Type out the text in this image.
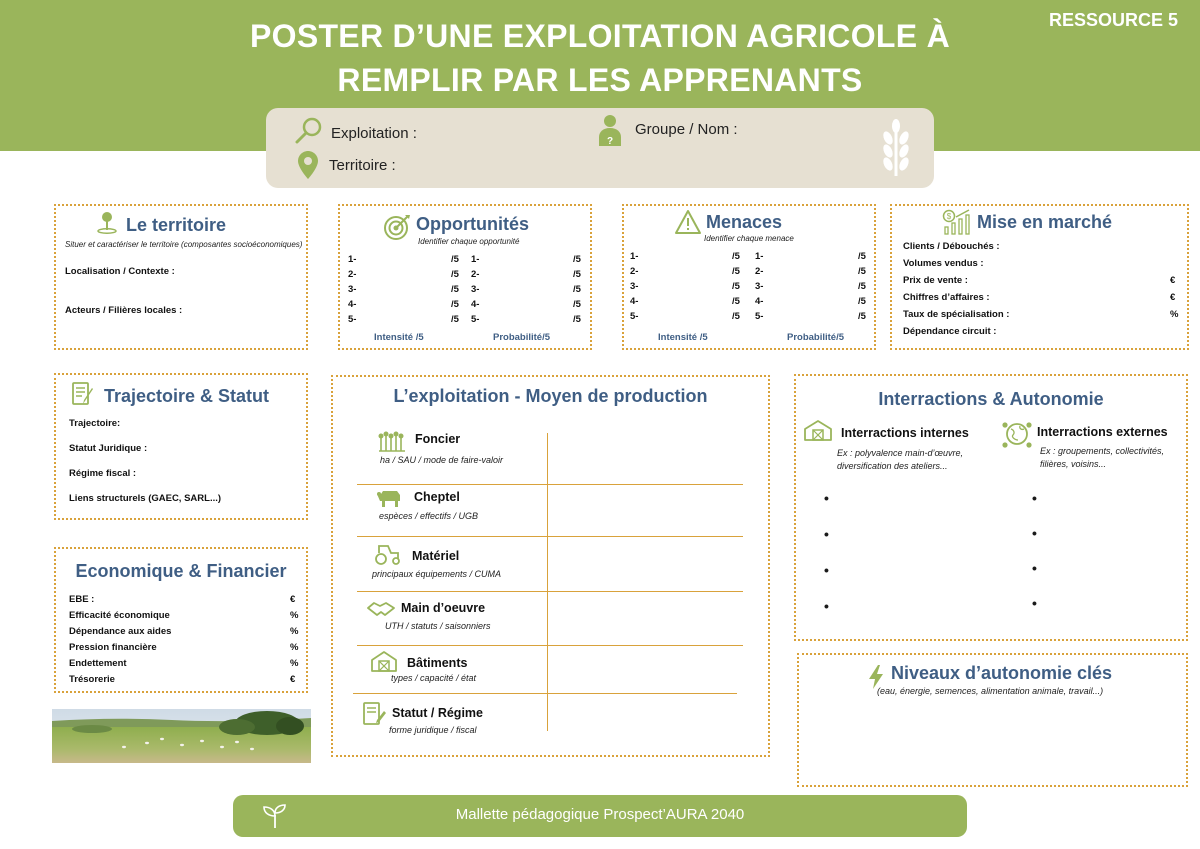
POSTER D’UNE EXPLOITATION AGRICOLE À
REMPLIR PAR LES APPRENANTS
RESSOURCE 5
Exploitation :
Territoire :
?
Groupe / Nom :
Le territoire
Situer et caractériser le territoire (composantes socioéconomiques)
Localisation / Contexte :
Acteurs / Filières locales :
Opportunités
Identifier chaque opportunité
Intensité /5	Probabilité/5
1-	/5 1-	/5
2-	/5 2-	/5
3-	/5 3-	/5
4-	/5 4-	/5
5-	/5 5-	/5
Menaces
Identifier chaque menace
Intensité /5	Probabilité/5
1-	/5 1-	/5
2-	/5 2-	/5
3-	/5 3-	/5
4-	/5 4-	/5
5-	/5 5-	/5
$ Mise en marché
Clients / Débouchés :
Volumes vendus :
Prix de vente :	€
Chiffres d’affaires :	€
Taux de spécialisation :	%
Dépendance circuit :
Trajectoire & Statut
Trajectoire:
Statut Juridique :
Régime fiscal :
Liens structurels (GAEC, SARL...)
Economique & Financier
EBE :	€
Efficacité économique	%
Dépendance aux aides	%
Pression financière	%
Endettement	%
Trésorerie	€
L’exploitation - Moyen de production
Foncier
ha / SAU / mode de faire-valoir
Cheptel
espèces / effectifs / UGB
Matériel
principaux équipements / CUMA
Main d’oeuvre
UTH / statuts / saisonniers
Bâtiments
types / capacité / état
Statut / Régime
forme juridique / fiscal
Interractions & Autonomie
Interractions internes
Ex : polyvalence main-d’œuvre, diversification des ateliers...
Interractions externes
Ex : groupements, collectivités, filières, voisins...
•
•
•
•
•
•
•
•
Niveaux d’autonomie clés
(eau, énergie, semences, alimentation animale, travail...)
Mallette pédagogique Prospect’AURA 2040
